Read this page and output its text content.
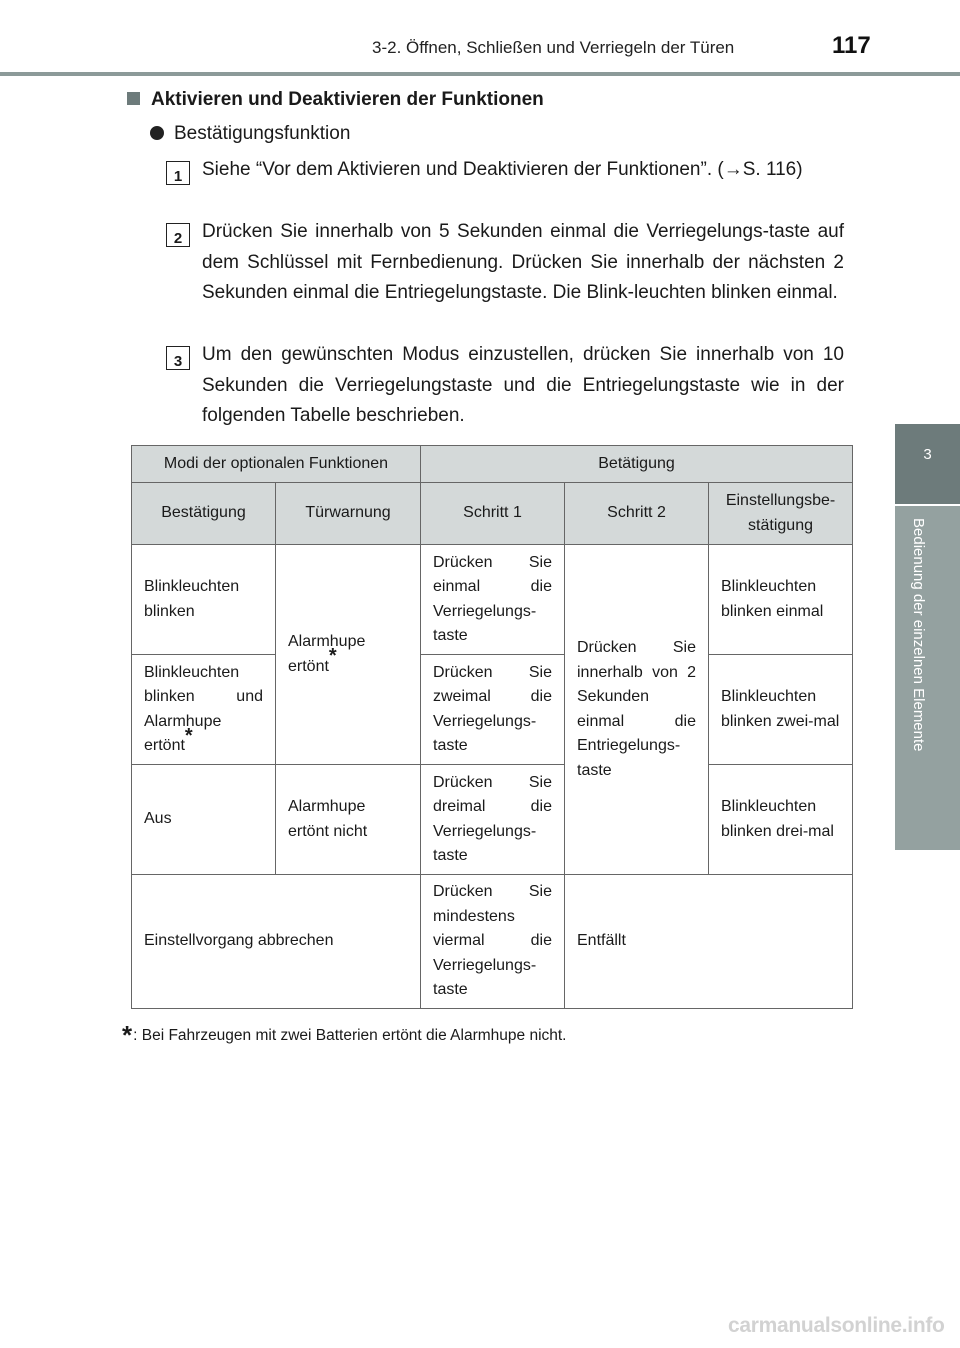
3-2. Öffnen, Schließen und Verriegeln der Türen	117
3
Bedienung der einzelnen Elemente
Aktivieren und Deaktivieren der Funktionen
Bestätigungsfunktion
1	Siehe “Vor dem Aktivieren und Deaktivieren der Funktionen”. (→S. 116)

2	Drücken Sie innerhalb von 5 Sekunden einmal die Verriegelungs-taste auf dem Schlüssel mit Fernbedienung. Drücken Sie innerhalb der nächsten 2 Sekunden einmal die Entriegelungstaste. Die Blink-leuchten blinken einmal.

3	Um den gewünschten Modus einzustellen, drücken Sie innerhalb von 10 Sekunden die Verriegelungstaste und die Entriegelungstaste wie in der folgenden Tabelle beschrieben.

Modi der optionalen Funktionen		Betätigung		
Bestätigung	Türwarnung	Schritt 1	Schritt 2	Einstellungsbe-stätigung
Blinkleuchten blinken	Alarmhupe ertönt*	Drücken Sie einmal die Verriegelungs-taste	Drücken Sie innerhalb von 2 Sekunden einmal die Entriegelungs-taste	Blinkleuchten blinken einmal
Blinkleuchten blinken und Alarmhupe ertönt*		Drücken Sie zweimal die Verriegelungs-taste		Blinkleuchten blinken zwei-mal
Aus	Alarmhupe ertönt nicht	Drücken Sie dreimal die Verriegelungs-taste		Blinkleuchten blinken drei-mal
Einstellvorgang abbrechen		Drücken Sie mindestens viermal die Verriegelungs-taste	Entfällt	
*: Bei Fahrzeugen mit zwei Batterien ertönt die Alarmhupe nicht.
carmanualsonline.info
